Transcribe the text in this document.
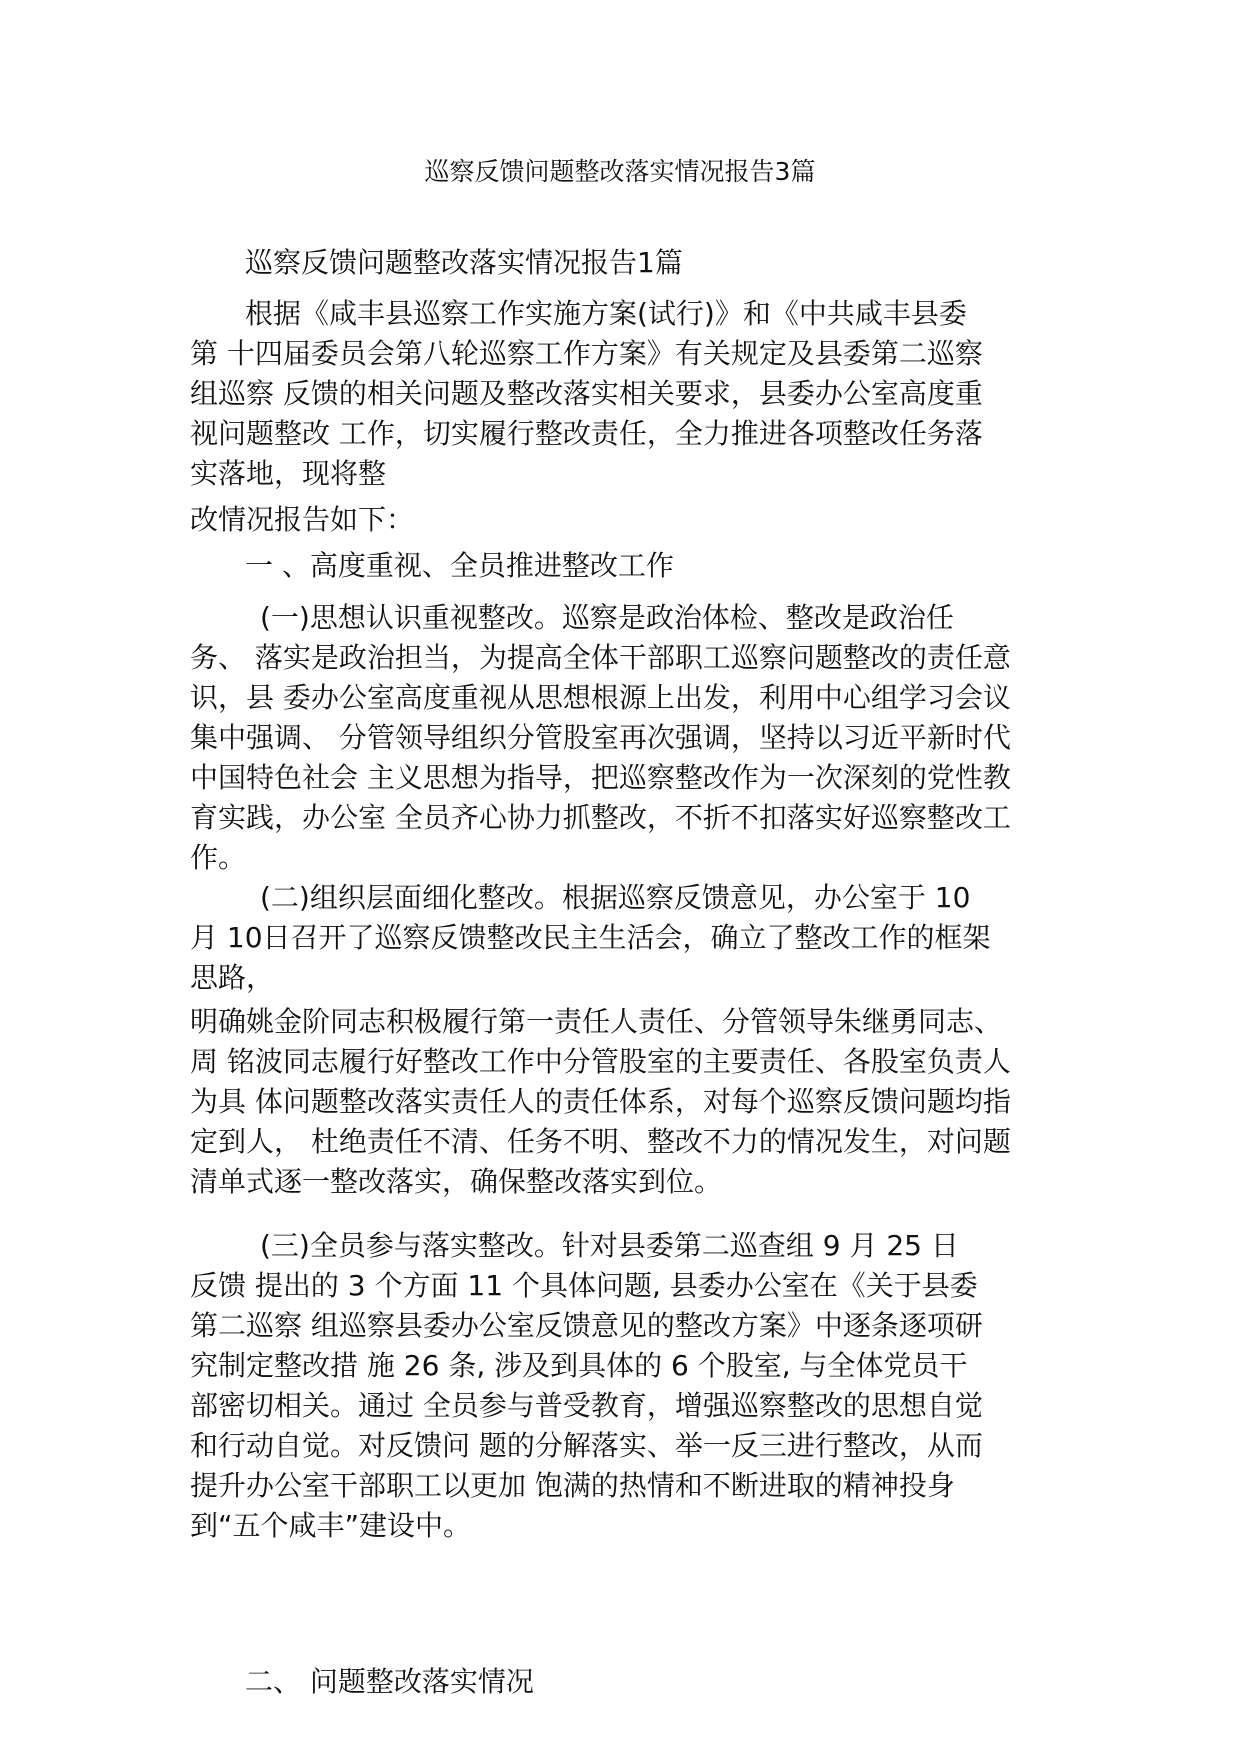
巡察反馈问题整改落实情况报告3篇
巡察反馈问题整改落实情况报告1篇
根据《咸丰县巡察工作实施方案(试行)》和《中共咸丰县委
第 十四届委员会第八轮巡察工作方案》有关规定及县委第二巡察
组巡察 反馈的相关问题及整改落实相关要求，县委办公室高度重
视问题整改 工作，切实履行整改责任，全力推进各项整改任务落
实落地，现将整
改情况报告如下：
一 、高度重视、全员推进整改工作
(一)思想认识重视整改。巡察是政治体检、整改是政治任
务、 落实是政治担当，为提高全体干部职工巡察问题整改的责任意
识，县 委办公室高度重视从思想根源上出发，利用中心组学习会议
集中强调、 分管领导组织分管股室再次强调，坚持以习近平新时代
中国特色社会 主义思想为指导，把巡察整改作为一次深刻的党性教
育实践，办公室 全员齐心协力抓整改，不折不扣落实好巡察整改工
作。
(二)组织层面细化整改。根据巡察反馈意见，办公室于 10
月 10日召开了巡察反馈整改民主生活会，确立了整改工作的框架
思路，
明确姚金阶同志积极履行第一责任人责任、分管领导朱继勇同志、
周 铭波同志履行好整改工作中分管股室的主要责任、各股室负责人
为具 体问题整改落实责任人的责任体系，对每个巡察反馈问题均指
定到人， 杜绝责任不清、任务不明、整改不力的情况发生，对问题
清单式逐一整改落实，确保整改落实到位。
(三)全员参与落实整改。针对县委第二巡查组 9 月 25 日
反馈 提出的 3 个方面 11 个具体问题, 县委办公室在《关于县委
第二巡察 组巡察县委办公室反馈意见的整改方案》中逐条逐项研
究制定整改措 施 26 条, 涉及到具体的 6 个股室, 与全体党员干
部密切相关。通过 全员参与普受教育，增强巡察整改的思想自觉
和行动自觉。对反馈问 题的分解落实、举一反三进行整改，从而
提升办公室干部职工以更加 饱满的热情和不断进取的精神投身
到“五个咸丰”建设中。
二、 问题整改落实情况
